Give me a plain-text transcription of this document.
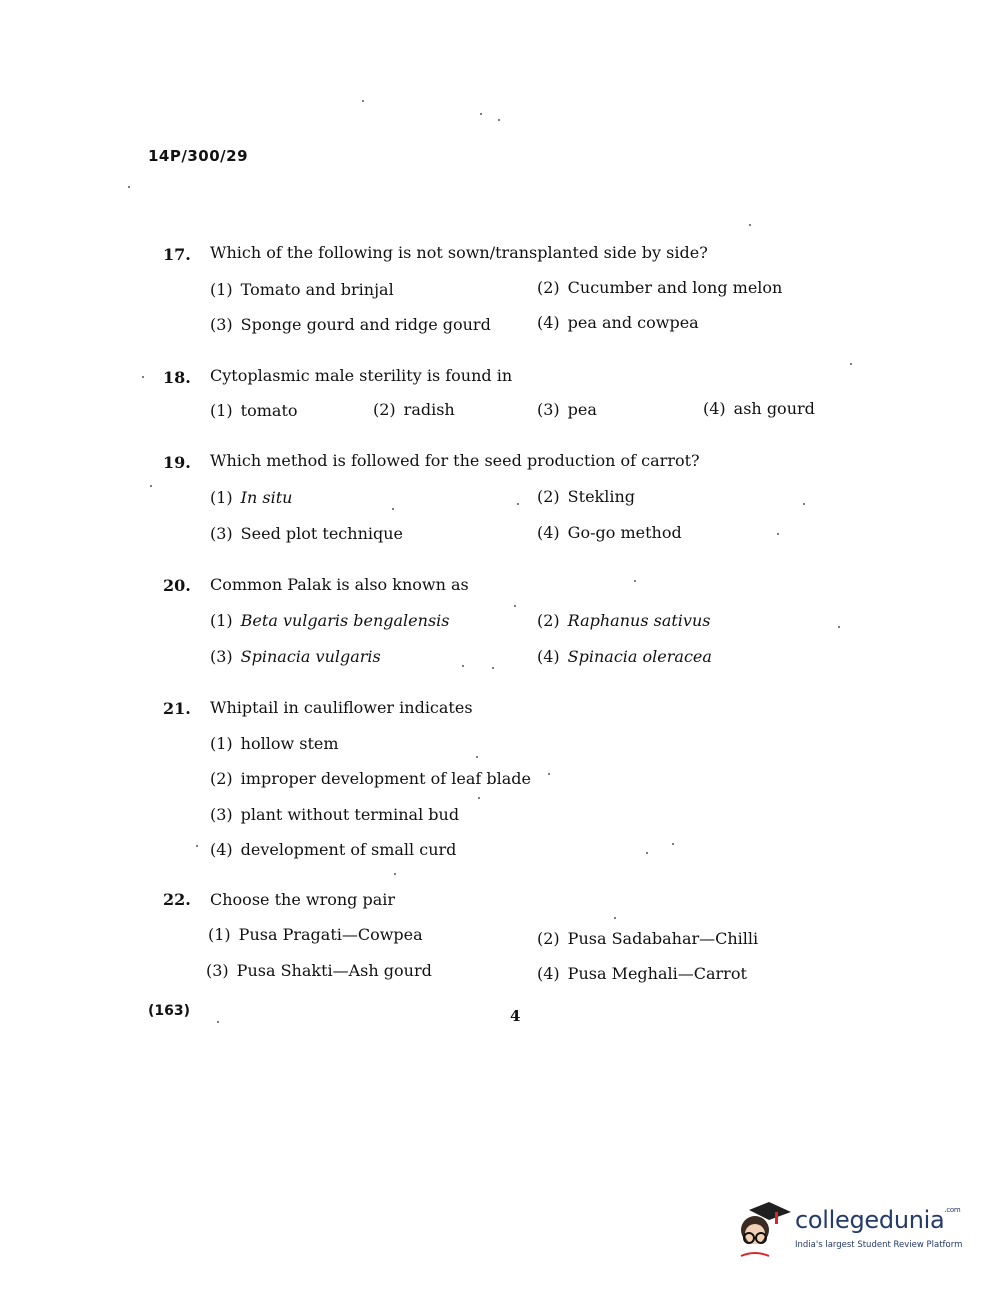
14P/300/29
17. Which of the following is not sown/transplanted side by side?
(1) Tomato and brinjal	(2) Cucumber and long melon
(3) Sponge gourd and ridge gourd	(4) pea and cowpea
18. Cytoplasmic male sterility is found in
(1) tomato	(2) radish	(3) pea	(4) ash gourd
19. Which method is followed for the seed production of carrot?
(1) In situ	(2) Stekling
(3) Seed plot technique	(4) Go-go method
20. Common Palak is also known as
(1) Beta vulgaris bengalensis	(2) Raphanus sativus
(3) Spinacia vulgaris	(4) Spinacia oleracea
21. Whiptail in cauliflower indicates
(1) hollow stem
(2) improper development of leaf blade
(3) plant without terminal bud
(4) development of small curd
22. Choose the wrong pair
(1) Pusa Pragati—Cowpea	(2) Pusa Sadabahar—Chilli
(3) Pusa Shakti—Ash gourd	(4) Pusa Meghali—Carrot
(163)	4
collegedunia$^{.com}$
India's largest Student Review Platform
